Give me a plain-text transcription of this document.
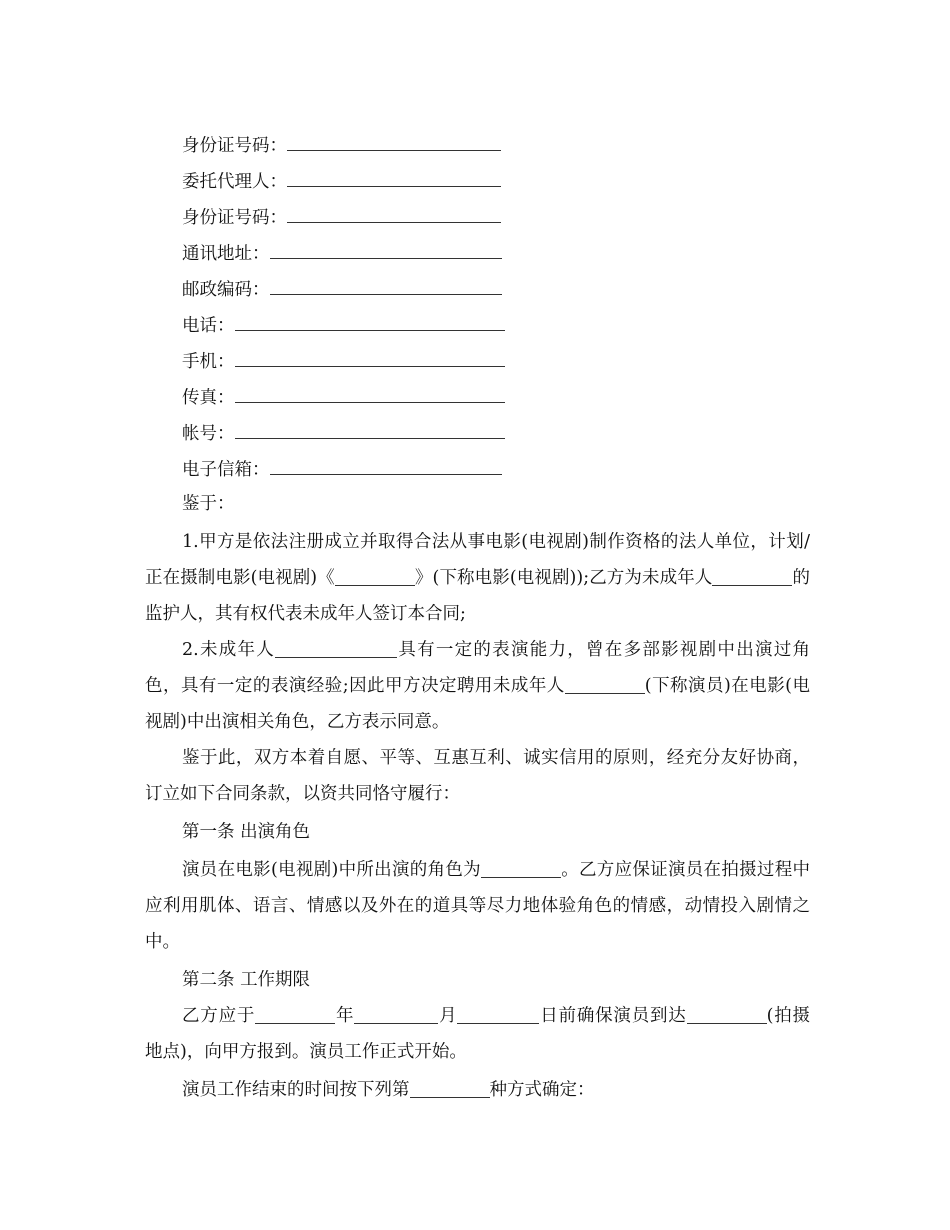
身份证号码：
委托代理人：
身份证号码：
通讯地址：
邮政编码：
电话：
手机：
传真：
帐号：
电子信箱：

鉴于：

1.甲方是依法注册成立并取得合法从事电影(电视剧)制作资格的法人单位，计划/正在摄制电影(电视剧)《	》(下称电影(电视剧));乙方为未成年人	的监护人，其有权代表未成年人签订本合同;

2.未成年人	具有一定的表演能力，曾在多部影视剧中出演过角色，具有一定的表演经验;因此甲方决定聘用未成年人	(下称演员)在电影(电视剧)中出演相关角色，乙方表示同意。

鉴于此，双方本着自愿、平等、互惠互利、诚实信用的原则，经充分友好协商，订立如下合同条款，以资共同恪守履行：

第一条 出演角色

演员在电影(电视剧)中所出演的角色为	。乙方应保证演员在拍摄过程中应利用肌体、语言、情感以及外在的道具等尽力地体验角色的情感，动情投入剧情之中。

第二条 工作期限

乙方应于	年	月	日前确保演员到达	(拍摄地点)，向甲方报到。演员工作正式开始。

演员工作结束的时间按下列第	种方式确定：
